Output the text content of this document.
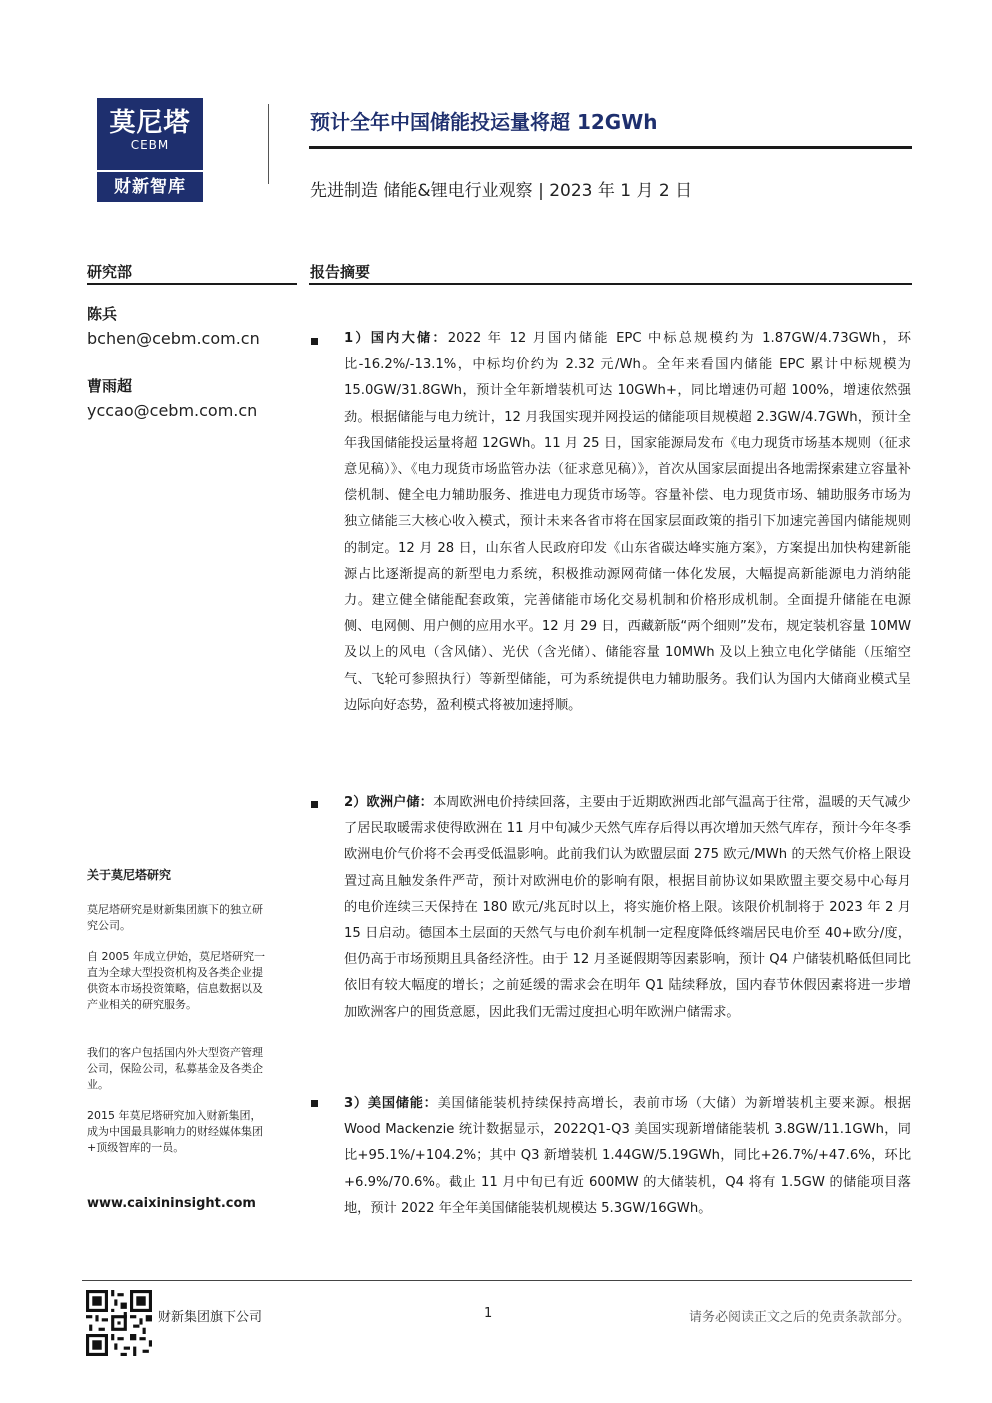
莫尼塔
CEBM
财新智库
预计全年中国储能投运量将超 12GWh
先进制造 储能&锂电行业观察 | 2023 年 1 月 2 日
研究部	报告摘要
陈兵
bchen@cebm.com.cn
曹雨超
yccao@cebm.com.cn
关于莫尼塔研究

莫尼塔研究是财新集团旗下的独立研究公司。

自 2005 年成立伊始，莫尼塔研究一直为全球大型投资机构及各类企业提供资本市场投资策略，信息数据以及产业相关的研究服务。

我们的客户包括国内外大型资产管理公司，保险公司，私募基金及各类企业。

2015 年莫尼塔研究加入财新集团，成为中国最具影响力的财经媒体集团+顶级智库的一员。

www.caixininsight.com

1）国内大储：2022 年 12 月国内储能 EPC 中标总规模约为 1.87GW/4.73GWh，环比-16.2%/-13.1%，中标均价约为 2.32 元/Wh。全年来看国内储能 EPC 累计中标规模为 15.0GW/31.8GWh，预计全年新增装机可达 10GWh+，同比增速仍可超 100%，增速依然强劲。根据储能与电力统计，12 月我国实现并网投运的储能项目规模超 2.3GW/4.7GWh，预计全年我国储能投运量将超 12GWh。11 月 25 日，国家能源局发布《电力现货市场基本规则（征求意见稿）》、《电力现货市场监管办法（征求意见稿）》，首次从国家层面提出各地需探索建立容量补偿机制、健全电力辅助服务、推进电力现货市场等。容量补偿、电力现货市场、辅助服务市场为独立储能三大核心收入模式，预计未来各省市将在国家层面政策的指引下加速完善国内储能规则的制定。12 月 28 日，山东省人民政府印发《山东省碳达峰实施方案》，方案提出加快构建新能源占比逐渐提高的新型电力系统，积极推动源网荷储一体化发展，大幅提高新能源电力消纳能力。建立健全储能配套政策，完善储能市场化交易机制和价格形成机制。全面提升储能在电源侧、电网侧、用户侧的应用水平。12 月 29 日，西藏新版“两个细则”发布，规定装机容量 10MW 及以上的风电（含风储）、光伏（含光储）、储能容量 10MWh 及以上独立电化学储能（压缩空气、飞轮可参照执行）等新型储能，可为系统提供电力辅助服务。我们认为国内大储商业模式呈边际向好态势，盈利模式将被加速捋顺。

2）欧洲户储：本周欧洲电价持续回落，主要由于近期欧洲西北部气温高于往常，温暖的天气减少了居民取暖需求使得欧洲在 11 月中旬减少天然气库存后得以再次增加天然气库存，预计今年冬季欧洲电价气价将不会再受低温影响。此前我们认为欧盟层面 275 欧元/MWh 的天然气价格上限设置过高且触发条件严苛，预计对欧洲电价的影响有限，根据目前协议如果欧盟主要交易中心每月的电价连续三天保持在 180 欧元/兆瓦时以上，将实施价格上限。该限价机制将于 2023 年 2 月 15 日启动。德国本土层面的天然气与电价刹车机制一定程度降低终端居民电价至 40+欧分/度，但仍高于市场预期且具备经济性。由于 12 月圣诞假期等因素影响，预计 Q4 户储装机略低但同比依旧有较大幅度的增长；之前延缓的需求会在明年 Q1 陆续释放，国内春节休假因素将进一步增加欧洲客户的囤货意愿，因此我们无需过度担心明年欧洲户储需求。

3）美国储能：美国储能装机持续保持高增长，表前市场（大储）为新增装机主要来源。根据 Wood Mackenzie 统计数据显示，2022Q1-Q3 美国实现新增储能装机 3.8GW/11.1GWh，同比+95.1%/+104.2%；其中 Q3 新增装机 1.44GW/5.19GWh，同比+26.7%/+47.6%，环比+6.9%/70.6%。截止 11 月中旬已有近 600MW 的大储装机，Q4 将有 1.5GW 的储能项目落地，预计 2022 年全年美国储能装机规模达 5.3GW/16GWh。

财新集团旗下公司	1	请务必阅读正文之后的免责条款部分。
